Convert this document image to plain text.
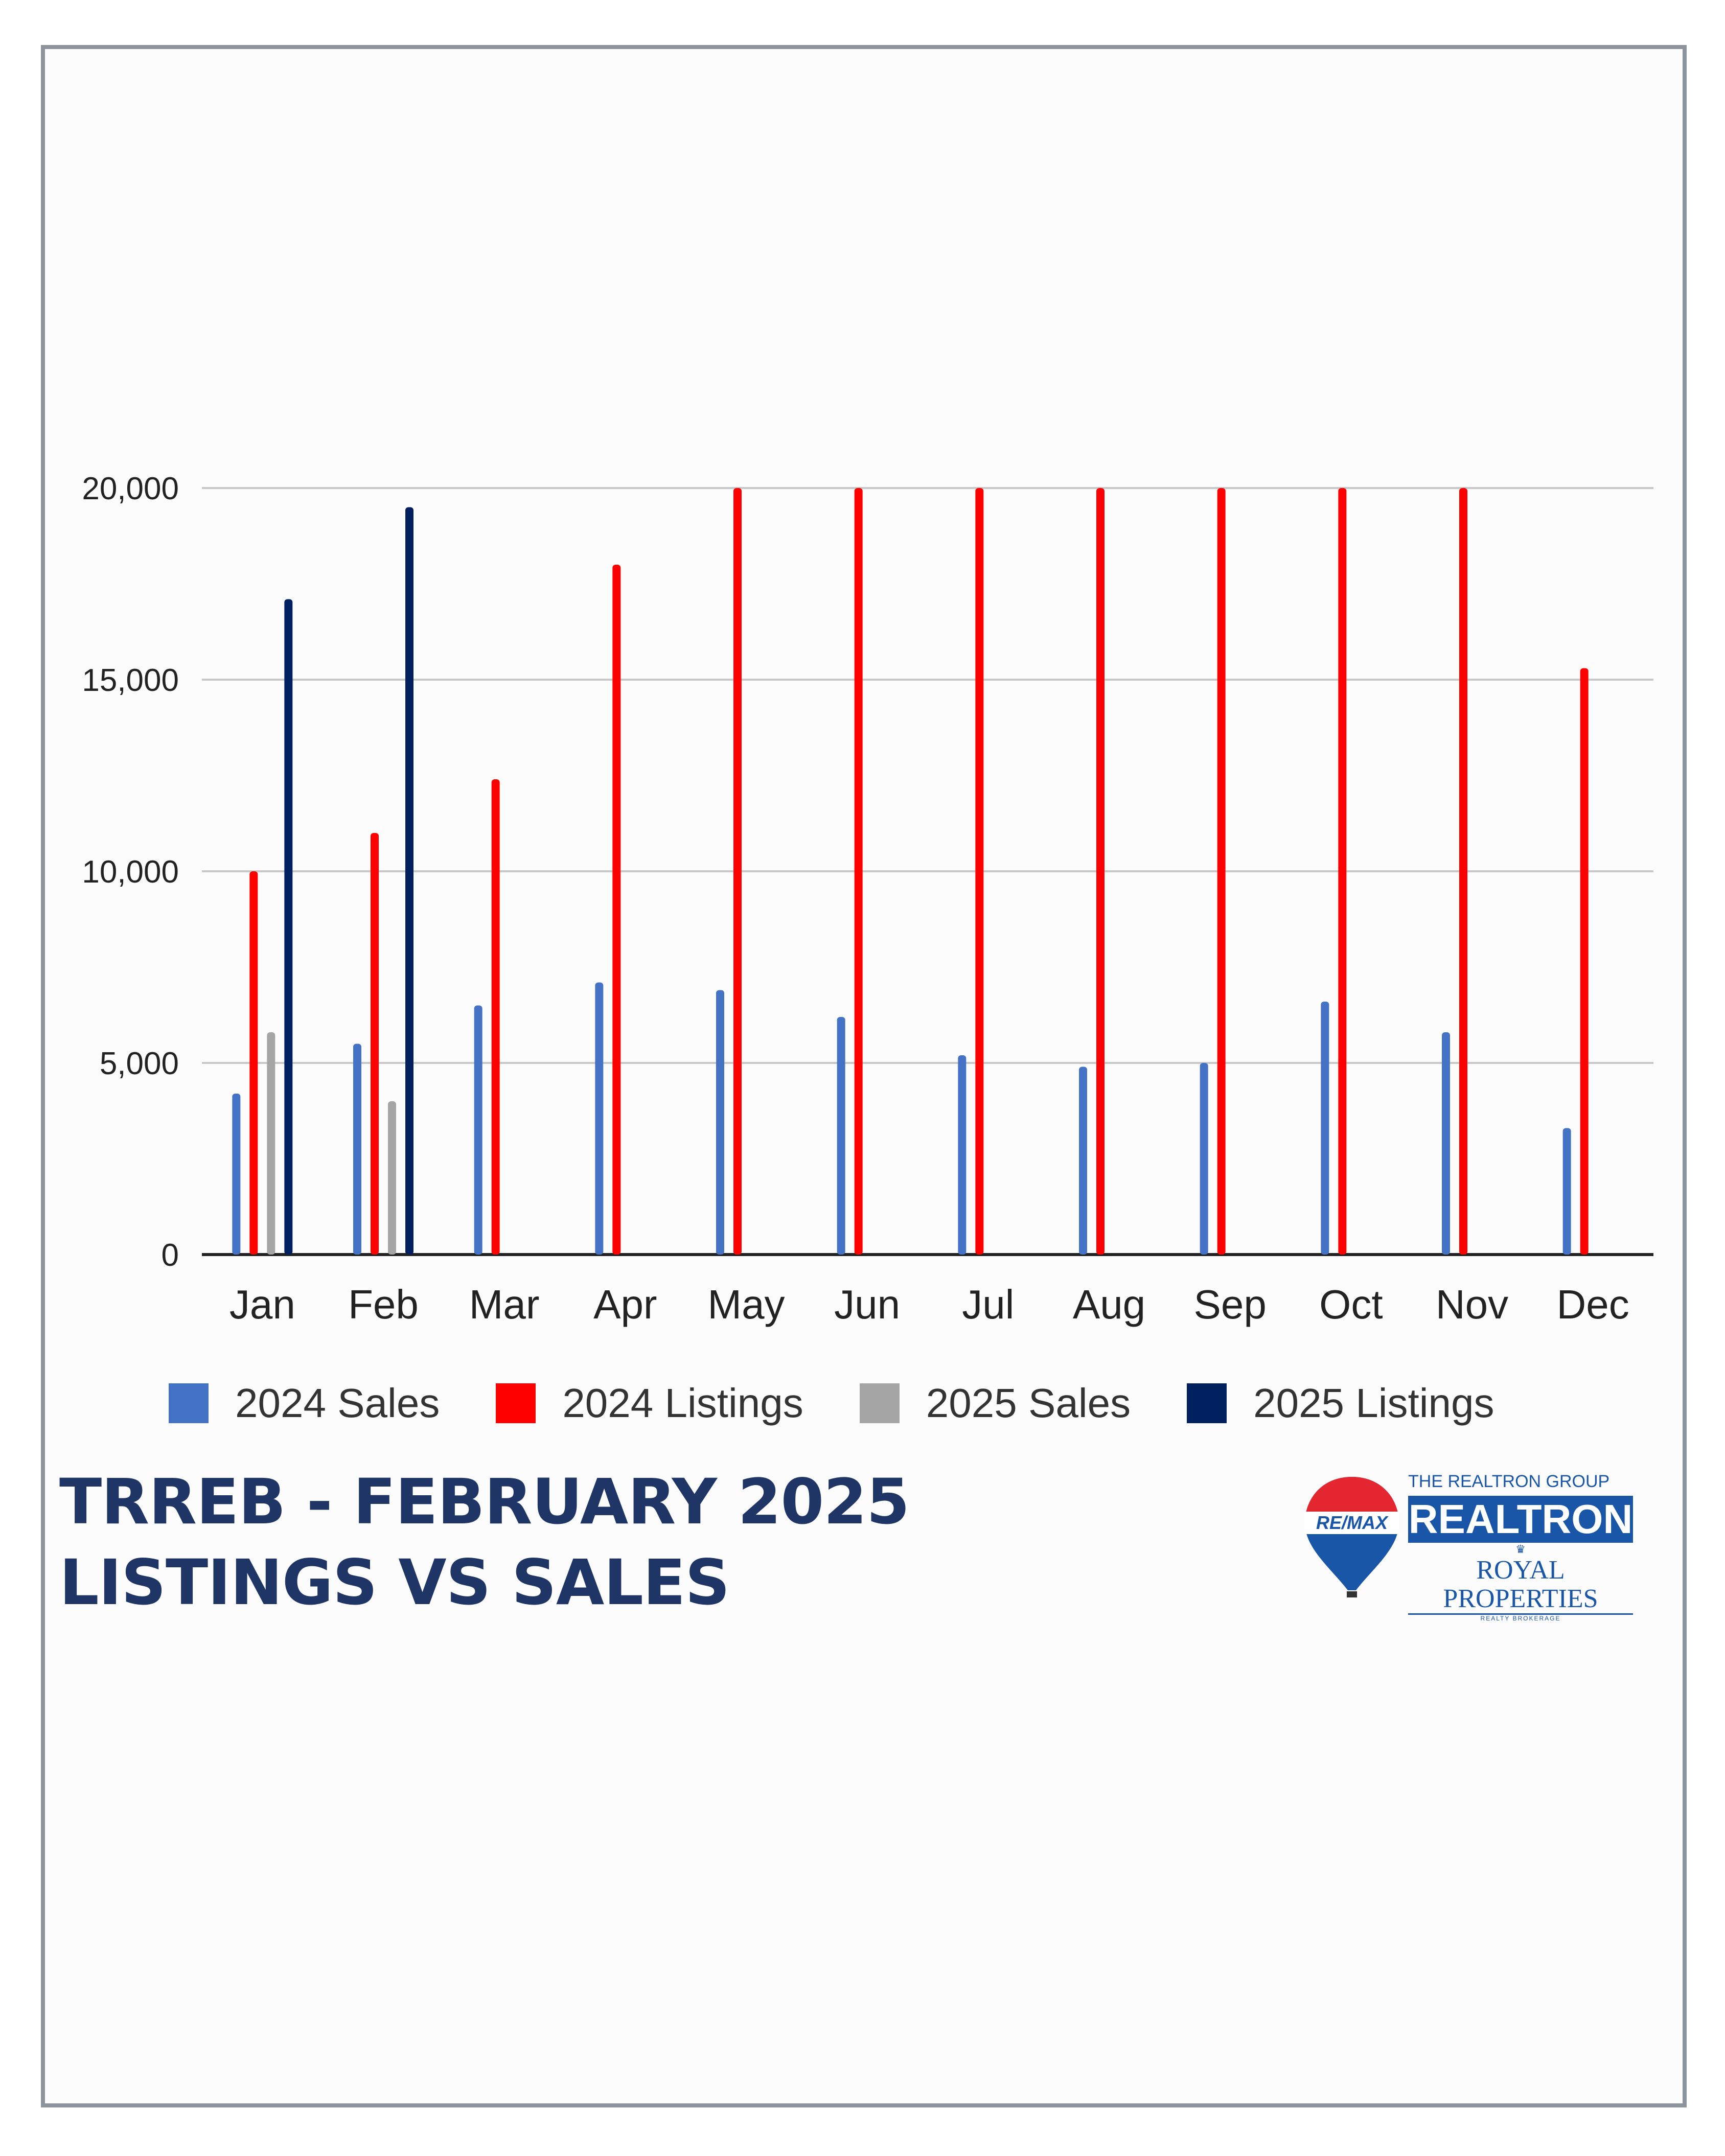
0
5,000
10,000
15,000
20,000
Jan Feb Mar Apr May Jun Jul Aug Sep Oct Nov Dec
2024 Sales	2024 Listings	2025 Sales	2025 Listings
TRREB - FEBRUARY 2025
LISTINGS VS SALES
RE/MAX
THE REALTRON GROUP
REALTRON
♛
ROYAL PROPERTIES
REALTY BROKERAGE
